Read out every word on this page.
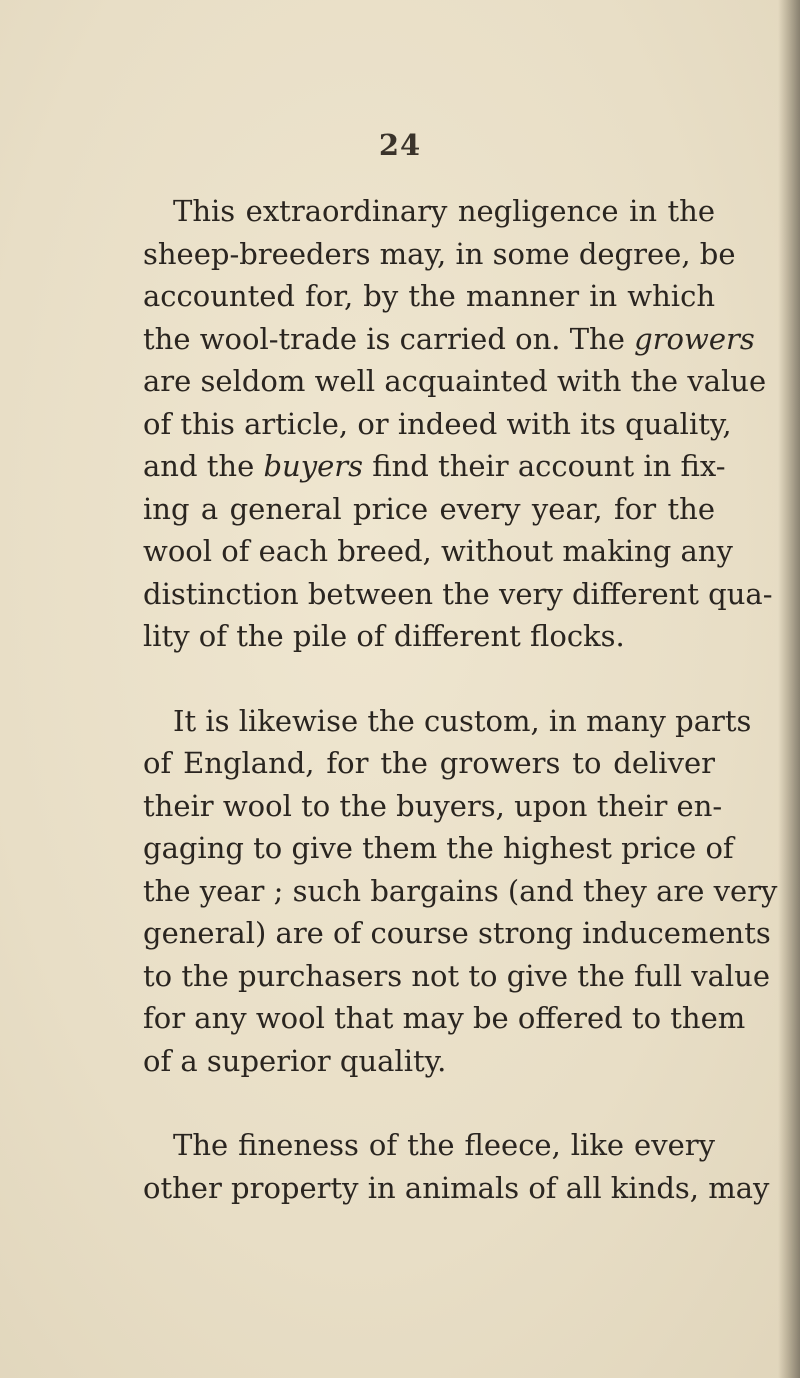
24

This extraordinary negligence in the
sheep-breeders may, in some degree, be
accounted for, by the manner in which
the wool-trade is carried on. The growers
are seldom well acquainted with the value
of this article, or indeed with its quality,
and the buyers find their account in fix-
ing a general price every year, for the
wool of each breed, without making any
distinction between the very different qua-
lity of the pile of different flocks.

It is likewise the custom, in many parts
of England, for the growers to deliver
their wool to the buyers, upon their en-
gaging to give them the highest price of
the year ; such bargains (and they are very
general) are of course strong inducements
to the purchasers not to give the full value
for any wool that may be offered to them
of a superior quality.

The fineness of the fleece, like every
other property in animals of all kinds, may
